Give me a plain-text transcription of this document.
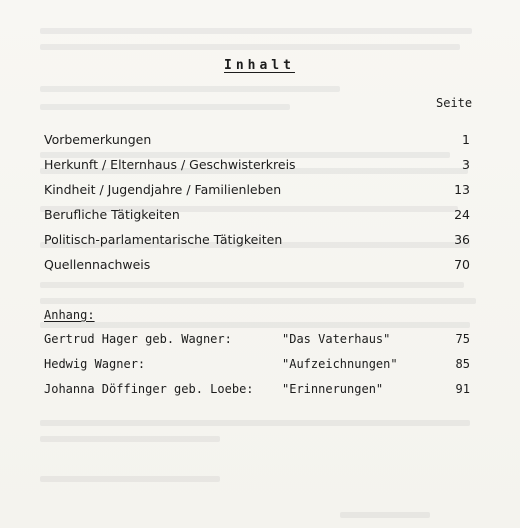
Inhalt
Seite
Vorbemerkungen	1
Herkunft / Elternhaus / Geschwisterkreis	3
Kindheit / Jugendjahre / Familienleben	13
Berufliche Tätigkeiten	24
Politisch-parlamentarische Tätigkeiten	36
Quellennachweis	70
Anhang:
Gertrud Hager geb. Wagner:	"Das Vaterhaus"	75
Hedwig Wagner:	"Aufzeichnungen"	85
Johanna Döffinger geb. Loebe: "Erinnerungen"	91
